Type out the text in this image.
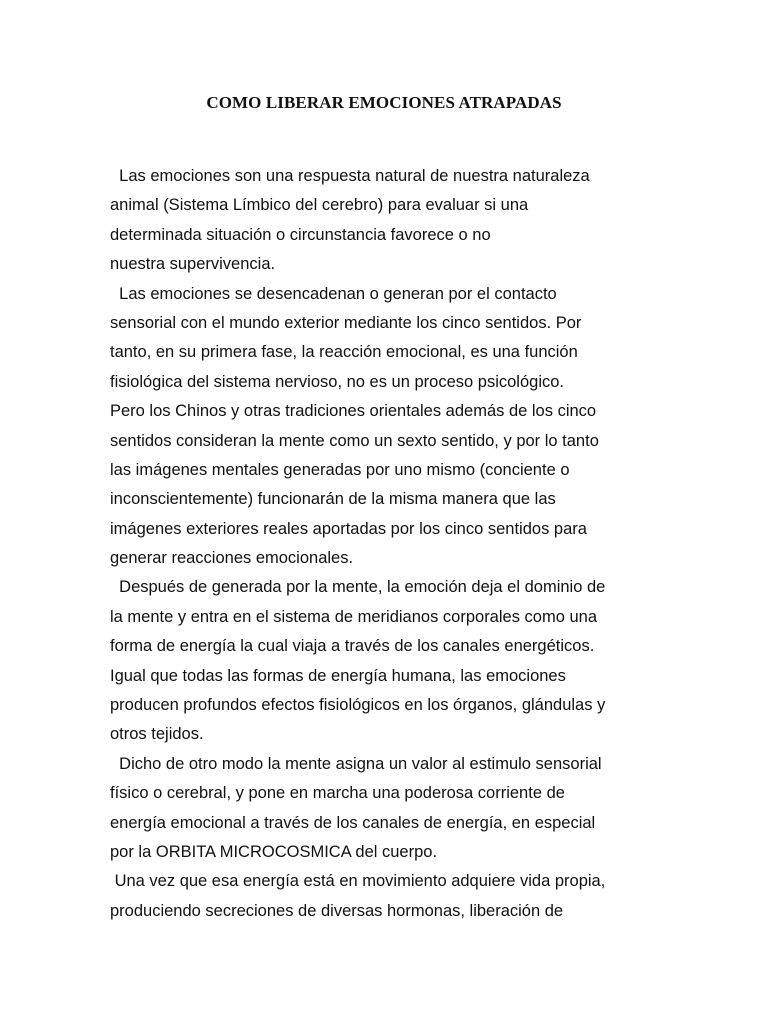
COMO LIBERAR EMOCIONES ATRAPADAS
Las emociones son una respuesta natural de nuestra naturaleza
animal (Sistema Límbico del cerebro) para evaluar si una
determinada situación o circunstancia favorece o no
nuestra supervivencia.
Las emociones se desencadenan o generan por el contacto
sensorial con el mundo exterior mediante los cinco sentidos. Por
tanto, en su primera fase, la reacción emocional, es una función
fisiológica del sistema nervioso, no es un proceso psicológico.
Pero los Chinos y otras tradiciones orientales además de los cinco
sentidos consideran la mente como un sexto sentido, y por lo tanto
las imágenes mentales generadas por uno mismo (conciente o
inconscientemente) funcionarán de la misma manera que las
imágenes exteriores reales aportadas por los cinco sentidos para
generar reacciones emocionales.
Después de generada por la mente, la emoción deja el dominio de
la mente y entra en el sistema de meridianos corporales como una
forma de energía la cual viaja a través de los canales energéticos.
Igual que todas las formas de energía humana, las emociones
producen profundos efectos fisiológicos en los órganos, glándulas y
otros tejidos.
Dicho de otro modo la mente asigna un valor al estimulo sensorial
físico o cerebral, y pone en marcha una poderosa corriente de
energía emocional a través de los canales de energía, en especial
por la ORBITA MICROCOSMICA del cuerpo.
Una vez que esa energía está en movimiento adquiere vida propia,
produciendo secreciones de diversas hormonas, liberación de
